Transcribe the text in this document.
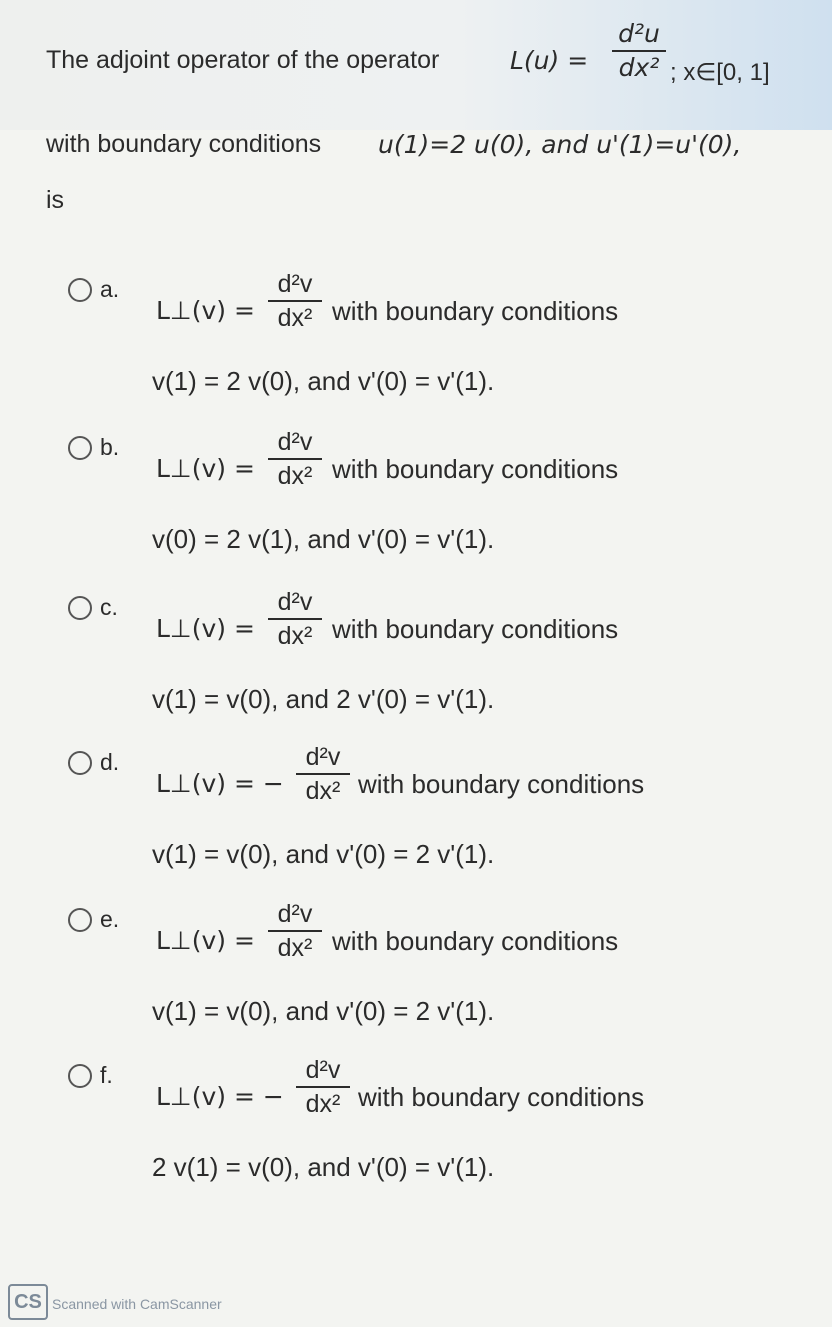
The adjoint operator of the operator	L(u) =
d²u
dx² ; x∈[0, 1]
with boundary conditions u(1)=2 u(0), and u'(1)=u'(0),
is
a.
L⊥(v) =
d²v
dx² with boundary conditions
v(1) = 2 v(0), and v'(0) = v'(1).
b.
L⊥(v) =
d²v
dx² with boundary conditions
v(0) = 2 v(1), and v'(0) = v'(1).
c.
L⊥(v) =
d²v
dx² with boundary conditions
v(1) = v(0), and 2 v'(0) = v'(1).
d.
L⊥(v) = −
d²v
dx² with boundary conditions
v(1) = v(0), and v'(0) = 2 v'(1).
e.
L⊥(v) =
d²v
dx² with boundary conditions
v(1) = v(0), and v'(0) = 2 v'(1).
f.
L⊥(v) = −
d²v
dx² with boundary conditions
2 v(1) = v(0), and v'(0) = v'(1).
CS Scanned with CamScanner
